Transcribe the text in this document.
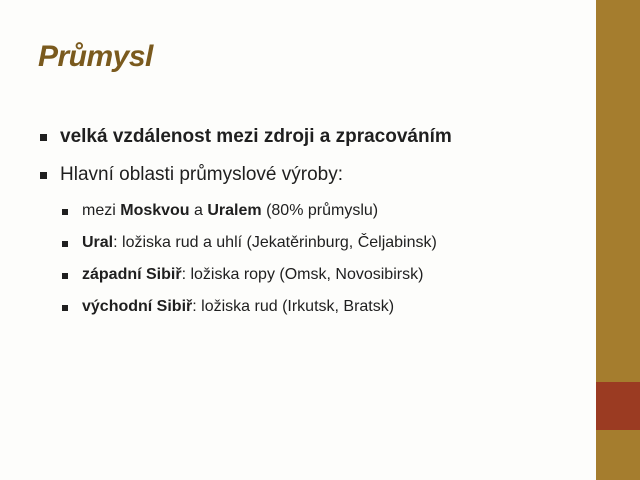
Průmysl
velká vzdálenost mezi zdroji a zpracováním
Hlavní oblasti průmyslové výroby:
mezi Moskvou a Uralem (80% průmyslu)
Ural: ložiska rud a uhlí (Jekatěrinburg, Čeljabinsk)
západní Sibiř: ložiska ropy (Omsk, Novosibirsk)
východní Sibiř: ložiska rud (Irkutsk, Bratsk)
